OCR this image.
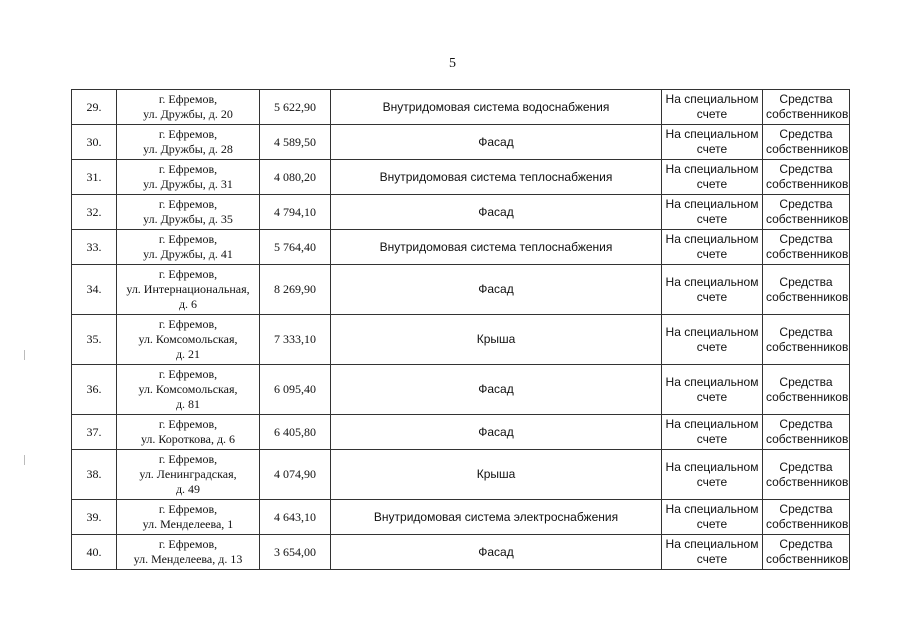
5
29.	г. Ефремов,
ул. Дружбы, д. 20	5 622,90	Внутридомовая система водоснабжения	На специальном
счете	Средства
собственников
30.	г. Ефремов,
ул. Дружбы, д. 28	4 589,50	Фасад	На специальном
счете	Средства
собственников
31.	г. Ефремов,
ул. Дружбы, д. 31	4 080,20	Внутридомовая система теплоснабжения	На специальном
счете	Средства
собственников
32.	г. Ефремов,
ул. Дружбы, д. 35	4 794,10	Фасад	На специальном
счете	Средства
собственников
33.	г. Ефремов,
ул. Дружбы, д. 41	5 764,40	Внутридомовая система теплоснабжения	На специальном
счете	Средства
собственников
34.	г. Ефремов,
ул. Интернациональная,
д. 6	8 269,90	Фасад	На специальном
счете	Средства
собственников
35.	г. Ефремов,
ул. Комсомольская,
д. 21	7 333,10	Крыша	На специальном
счете	Средства
собственников
36.	г. Ефремов,
ул. Комсомольская,
д. 81	6 095,40	Фасад	На специальном
счете	Средства
собственников
37.	г. Ефремов,
ул. Короткова, д. 6	6 405,80	Фасад	На специальном
счете	Средства
собственников
38.	г. Ефремов,
ул. Ленинградская,
д. 49	4 074,90	Крыша	На специальном
счете	Средства
собственников
39.	г. Ефремов,
ул. Менделеева, 1	4 643,10	Внутридомовая система электроснабжения	На специальном
счете	Средства
собственников
40.	г. Ефремов,
ул. Менделеева, д. 13	3 654,00	Фасад	На специальном
счете	Средства
собственников
